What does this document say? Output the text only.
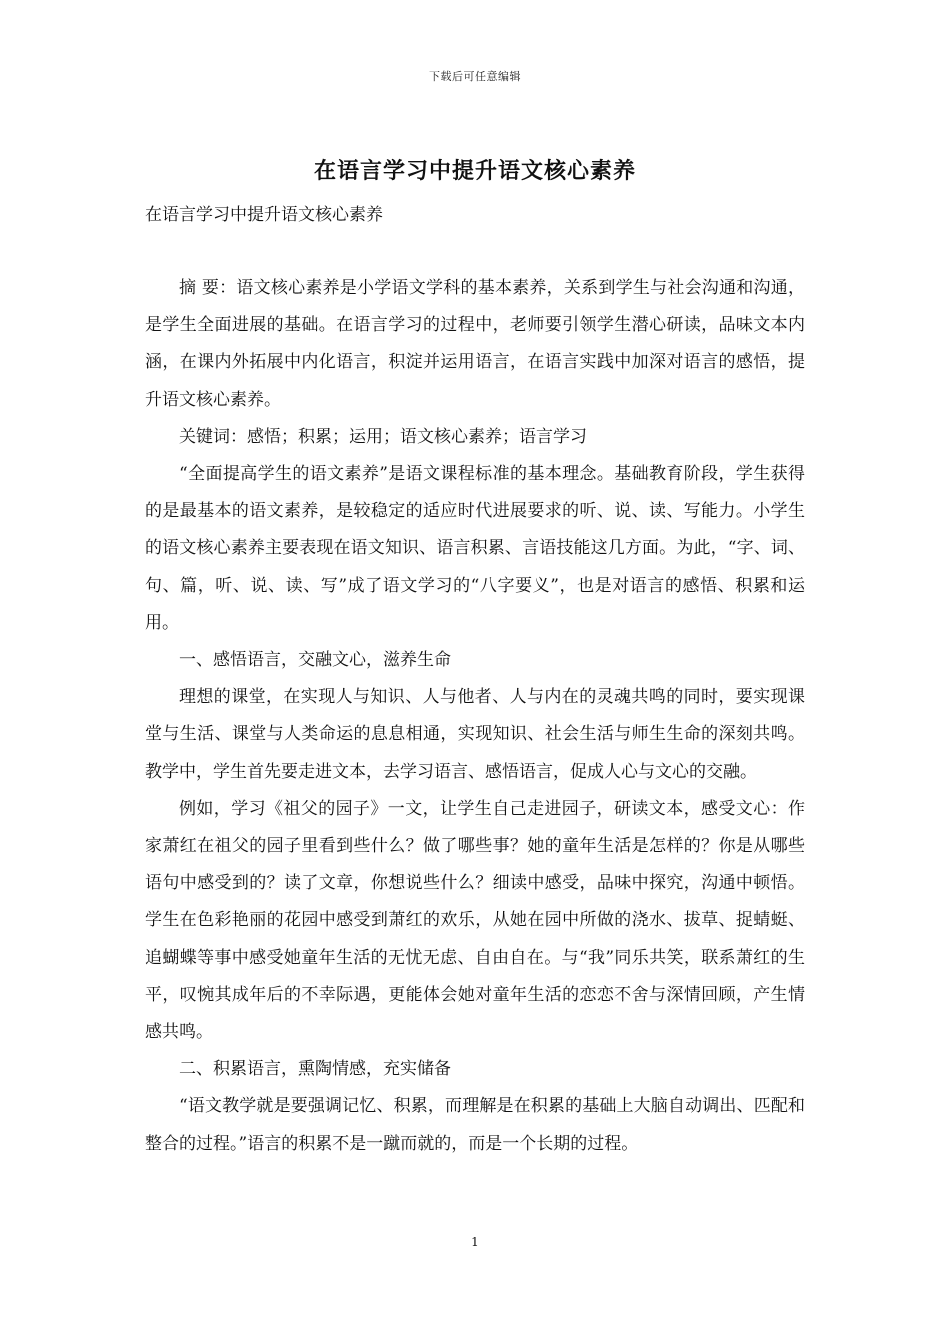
下载后可任意编辑
在语言学习中提升语文核心素养
在语言学习中提升语文核心素养

摘 要：语文核心素养是小学语文学科的基本素养，关系到学生与社会沟通和沟通，是学生全面进展的基础。在语言学习的过程中，老师要引领学生潜心研读，品味文本内涵，在课内外拓展中内化语言，积淀并运用语言，在语言实践中加深对语言的感悟，提升语文核心素养。

关键词：感悟；积累；运用；语文核心素养；语言学习

“全面提高学生的语文素养”是语文课程标准的基本理念。基础教育阶段，学生获得的是最基本的语文素养，是较稳定的适应时代进展要求的听、说、读、写能力。小学生的语文核心素养主要表现在语文知识、语言积累、言语技能这几方面。为此，“字、词、句、篇，听、说、读、写”成了语文学习的“八字要义”，也是对语言的感悟、积累和运用。

一、感悟语言，交融文心，滋养生命

理想的课堂，在实现人与知识、人与他者、人与内在的灵魂共鸣的同时，要实现课堂与生活、课堂与人类命运的息息相通，实现知识、社会生活与师生生命的深刻共鸣。教学中，学生首先要走进文本，去学习语言、感悟语言，促成人心与文心的交融。

例如，学习《祖父的园子》一文，让学生自己走进园子，研读文本，感受文心：作家萧红在祖父的园子里看到些什么？做了哪些事？她的童年生活是怎样的？你是从哪些语句中感受到的？读了文章，你想说些什么？细读中感受，品味中探究，沟通中顿悟。学生在色彩艳丽的花园中感受到萧红的欢乐，从她在园中所做的浇水、拔草、捉蜻蜓、追蝴蝶等事中感受她童年生活的无忧无虑、自由自在。与“我”同乐共笑，联系萧红的生平，叹惋其成年后的不幸际遇，更能体会她对童年生活的恋恋不舍与深情回顾，产生情感共鸣。

二、积累语言，熏陶情感，充实储备

“语文教学就是要强调记忆、积累，而理解是在积累的基础上大脑自动调出、匹配和整合的过程。”语言的积累不是一蹴而就的，而是一个长期的过程。

1
